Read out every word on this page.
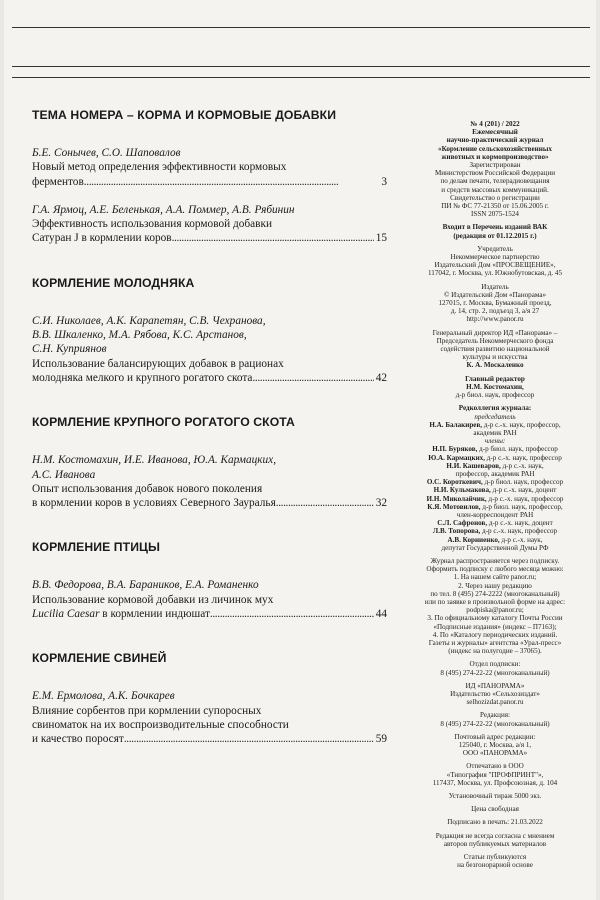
ТЕМА НОМЕРА – КОРМА И КОРМОВЫЕ ДОБАВКИ
Б.Е. Сонычев, С.О. Шаповалов
Новый метод определения эффективности кормовых
ферментов . . .	3
Г.А. Ярмоц, А.Е. Беленькая, А.А. Поммер, А.В. Рябинин
Эффективность использования кормовой добавки
Сатуран J в кормлении коров . . .	15
КОРМЛЕНИЕ МОЛОДНЯКА
С.И. Николаев, А.К. Карапетян, С.В. Чехранова,
В.В. Шкаленко, М.А. Рябова, К.С. Арстанов,
С.Н. Куприянов
Использование балансирующих добавок в рационах
молодняка мелкого и крупного рогатого скота . . .	42
КОРМЛЕНИЕ КРУПНОГО РОГАТОГО СКОТА
Н.М. Костомахин, И.Е. Иванова, Ю.А. Кармацких,
А.С. Иванова
Опыт использования добавок нового поколения
в кормлении коров в условиях Северного Зауралья . . .	32
КОРМЛЕНИЕ ПТИЦЫ
В.В. Федорова, В.А. Бараников, Е.А. Романенко
Использование кормовой добавки из личинок мух
Lucilia Caesar в кормлении индюшат . . .	44
КОРМЛЕНИЕ СВИНЕЙ
Е.М. Ермолова, А.К. Бочкарев
Влияние сорбентов при кормлении супоросных
свиноматок на их воспроизводительные способности
и качество поросят . . .	59
№ 4 (201) / 2022
Ежемесячный
научно-практический журнал
«Кормление сельскохозяйственных
животных и кормопроизводство»
Зарегистрирован
Министерством Российской Федерации
по делам печати, телерадиовещания
и средств массовых коммуникаций.
Свидетельство о регистрации
ПИ № ФС 77-21350 от 15.06.2005 г.
ISSN 2075-1524
Входит в Перечень изданий ВАК
(редакция от 01.12.2015 г.)
Учредитель
Некоммерческое партнерство
Издательский Дом «ПРОСВЕЩЕНИЕ»,
117042, г. Москва, ул. Южнобутовская, д. 45
Издатель
© Издательский Дом «Панорама»
127015, г. Москва, Бумажный проезд,
д. 14, стр. 2, подъезд 3, а/я 27
http://www.panor.ru
Генеральный директор ИД «Панорама» –
Председатель Некоммерческого фонда
содействия развитию национальной
культуры и искусства
К. А. Москаленко
Главный редактор
Н.М. Костомахин,
д-р биол. наук, профессор
Редколлегия журнала:
председатель
Н.А. Балакирев, д-р с.-х. наук, профессор,
академик РАН
члены:
Н.П. Буряков, д-р биол. наук, профессор
Ю.А. Кармацких, д-р с.-х. наук, профессор
Н.И. Кашеваров, д-р с.-х. наук,
профессор, академик РАН
О.С. Короткевич, д-р биол. наук, профессор
Н.И. Кульмакова, д-р с.-х. наук, доцент
И.Н. Миколайчик, д-р с.-х. наук, профессор
К.Я. Мотовилов, д-р биол. наук, профессор,
член-корреспондент РАН
С.Л. Сафронов, д-р с.-х. наук, доцент
Л.В. Топорова, д-р с.-х. наук, профессор
А.В. Корниенко, д-р с.-х. наук,
депутат Государственной Думы РФ
Журнал распространяется через подписку.
Оформить подписку с любого месяца можно:
1. На нашем сайте panor.ru;
2. Через нашу редакцию
по тел. 8 (495) 274-2222 (многоканальный)
или по заявке в произвольной форме на адрес:
podpiska@panor.ru;
3. По официальному каталогу Почты России
«Подписные издания» (индекс – П7163);
4. По «Каталогу периодических изданий.
Газеты и журналы» агентства «Урал-пресс»
(индекс на полугодие – 37065).
Отдел подписки:
8 (495) 274-22-22 (многоканальный)
ИД «ПАНОРАМА»
Издательство «Сельхозиздат»
selhozizdat.panor.ru
Редакция:
8 (495) 274-22-22 (многоканальный)
Почтовый адрес редакции:
125040, г. Москва, а/я 1,
ООО «ПАНОРАМА»
Отпечатано в ООО
«Типография "ПРОФПРИНТ"»,
117437, Москва, ул. Профсоюзная, д. 104
Установочный тираж 5000 экз.
Цена свободная
Подписано в печать: 21.03.2022
Редакция не всегда согласна с мнением
авторов публикуемых материалов
Статьи публикуются
на безгонорарной основе
